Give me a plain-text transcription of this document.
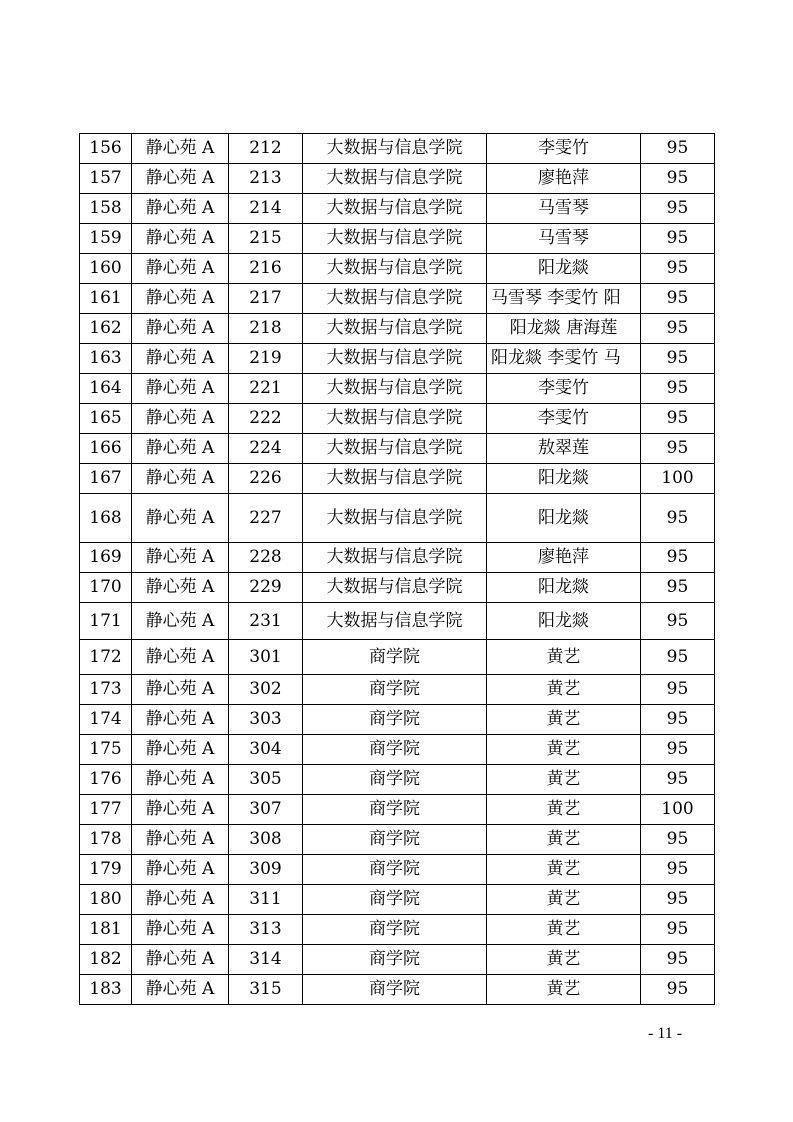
156	静心苑 A	212	大数据与信息学院	李雯竹	95
157	静心苑 A	213	大数据与信息学院	廖艳萍	95
158	静心苑 A	214	大数据与信息学院	马雪琴	95
159	静心苑 A	215	大数据与信息学院	马雪琴	95
160	静心苑 A	216	大数据与信息学院	阳龙燚	95
161	静心苑 A	217	大数据与信息学院	马雪琴 李雯竹 阳	95
162	静心苑 A	218	大数据与信息学院	阳龙燚 唐海莲	95
163	静心苑 A	219	大数据与信息学院	阳龙燚 李雯竹 马	95
164	静心苑 A	221	大数据与信息学院	李雯竹	95
165	静心苑 A	222	大数据与信息学院	李雯竹	95
166	静心苑 A	224	大数据与信息学院	敖翠莲	95
167	静心苑 A	226	大数据与信息学院	阳龙燚	100
168	静心苑 A	227	大数据与信息学院	阳龙燚	95
169	静心苑 A	228	大数据与信息学院	廖艳萍	95
170	静心苑 A	229	大数据与信息学院	阳龙燚	95
171	静心苑 A	231	大数据与信息学院	阳龙燚	95
172	静心苑 A	301	商学院	黄艺	95
173	静心苑 A	302	商学院	黄艺	95
174	静心苑 A	303	商学院	黄艺	95
175	静心苑 A	304	商学院	黄艺	95
176	静心苑 A	305	商学院	黄艺	95
177	静心苑 A	307	商学院	黄艺	100
178	静心苑 A	308	商学院	黄艺	95
179	静心苑 A	309	商学院	黄艺	95
180	静心苑 A	311	商学院	黄艺	95
181	静心苑 A	313	商学院	黄艺	95
182	静心苑 A	314	商学院	黄艺	95
183	静心苑 A	315	商学院	黄艺	95
- 11 -
